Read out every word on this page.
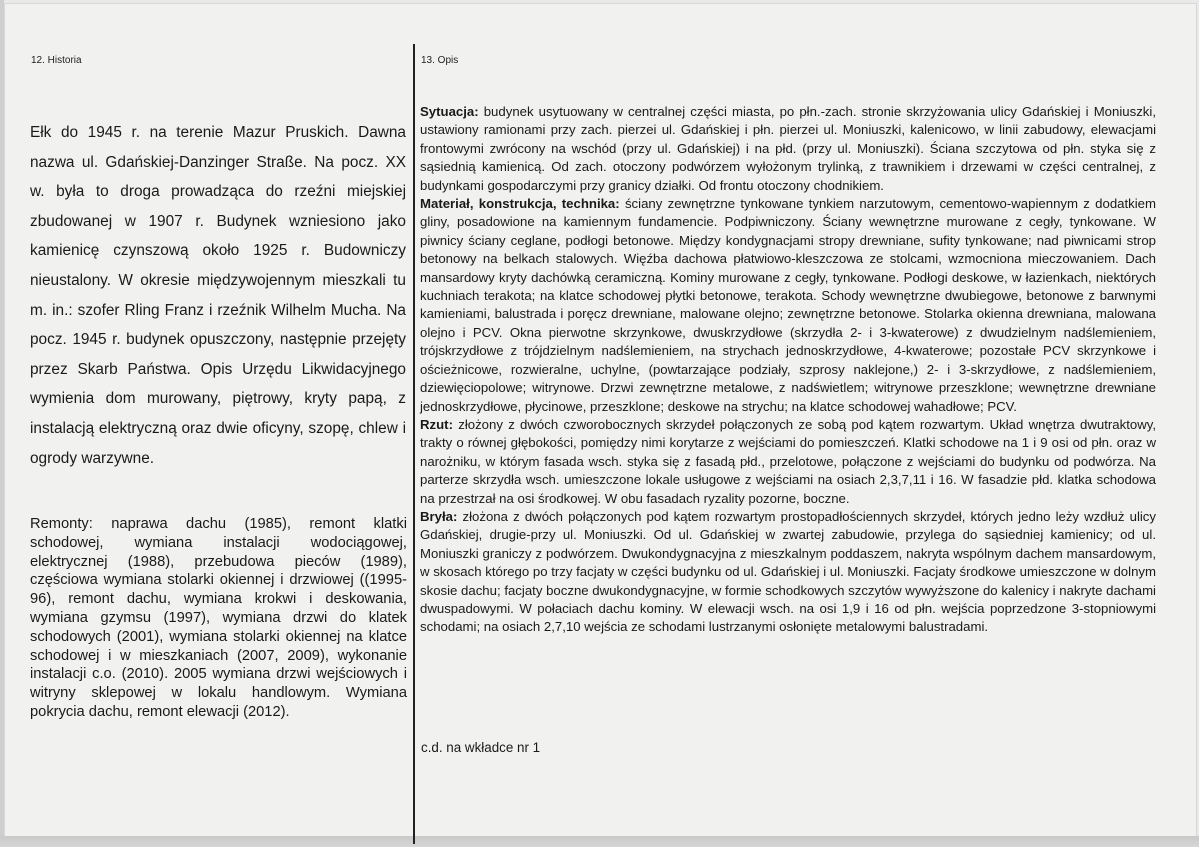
12. Historia	13. Opis
Ełk do 1945 r. na terenie Mazur Pruskich. Dawna nazwa ul. Gdańskiej-Danzinger Straße. Na pocz. XX w. była to droga prowadząca do rzeźni miejskiej zbudowanej w 1907 r. Budynek wzniesiono jako kamienicę czynszową około 1925 r. Budowniczy nieustalony. W okresie międzywojennym mieszkali tu m. in.: szofer Rling Franz i rzeźnik Wilhelm Mucha. Na pocz. 1945 r. budynek opuszczony, następnie przejęty przez Skarb Państwa. Opis Urzędu Likwidacyjnego wymienia dom murowany, piętrowy, kryty papą, z instalacją elektryczną oraz dwie oficyny, szopę, chlew i ogrody warzywne.
Remonty: naprawa dachu (1985), remont klatki schodowej, wymiana instalacji wodociągowej, elektrycznej (1988), przebudowa pieców (1989), częściowa wymiana stolarki okiennej i drzwiowej ((1995-96), remont dachu, wymiana krokwi i deskowania, wymiana gzymsu (1997), wymiana drzwi do klatek schodowych (2001), wymiana stolarki okiennej na klatce schodowej i w mieszkaniach (2007, 2009), wykonanie instalacji c.o. (2010). 2005 wymiana drzwi wejściowych i witryny sklepowej w lokalu handlowym. Wymiana pokrycia dachu, remont elewacji (2012).

Sytuacja: budynek usytuowany w centralnej części miasta, po płn.-zach. stronie skrzyżowania ulicy Gdańskiej i Moniuszki, ustawiony ramionami przy zach. pierzei ul. Gdańskiej i płn. pierzei ul. Moniuszki, kalenicowo, w linii zabudowy, elewacjami frontowymi zwrócony na wschód (przy ul. Gdańskiej) i na płd. (przy ul. Moniuszki). Ściana szczytowa od płn. styka się z sąsiednią kamienicą. Od zach. otoczony podwórzem wyłożonym trylinką, z trawnikiem i drzewami w części centralnej, z budynkami gospodarczymi przy granicy działki. Od frontu otoczony chodnikiem.

Materiał, konstrukcja, technika: ściany zewnętrzne tynkowane tynkiem narzutowym, cementowo-wapiennym z dodatkiem gliny, posadowione na kamiennym fundamencie. Podpiwniczony. Ściany wewnętrzne murowane z cegły, tynkowane. W piwnicy ściany ceglane, podłogi betonowe. Między kondygnacjami stropy drewniane, sufity tynkowane; nad piwnicami strop betonowy na belkach stalowych. Więźba dachowa płatwiowo-kleszczowa ze stolcami, wzmocniona mieczowaniem. Dach mansardowy kryty dachówką ceramiczną. Kominy murowane z cegły, tynkowane. Podłogi deskowe, w łazienkach, niektórych kuchniach terakota; na klatce schodowej płytki betonowe, terakota. Schody wewnętrzne dwubiegowe, betonowe z barwnymi kamieniami, balustrada i poręcz drewniane, malowane olejno; zewnętrzne betonowe. Stolarka okienna drewniana, malowana olejno i PCV. Okna pierwotne skrzynkowe, dwuskrzydłowe (skrzydła 2- i 3-kwaterowe) z dwudzielnym nadślemieniem, trójskrzydłowe z trójdzielnym nadślemieniem, na strychach jednoskrzydłowe, 4-kwaterowe; pozostałe PCV skrzynkowe i ościeżnicowe, rozwieralne, uchylne, (powtarzające podziały, szprosy naklejone,) 2- i 3-skrzydłowe, z nadślemieniem, dziewięciopolowe; witrynowe. Drzwi zewnętrzne metalowe, z nadświetlem; witrynowe przeszklone; wewnętrzne drewniane jednoskrzydłowe, płycinowe, przeszklone; deskowe na strychu; na klatce schodowej wahadłowe; PCV.

Rzut: złożony z dwóch czworobocznych skrzydeł połączonych ze sobą pod kątem rozwartym. Układ wnętrza dwutraktowy, trakty o równej głębokości, pomiędzy nimi korytarze z wejściami do pomieszczeń. Klatki schodowe na 1 i 9 osi od płn. oraz w narożniku, w którym fasada wsch. styka się z fasadą płd., przelotowe, połączone z wejściami do budynku od podwórza. Na parterze skrzydła wsch. umieszczone lokale usługowe z wejściami na osiach 2,3,7,11 i 16. W fasadzie płd. klatka schodowa na przestrzał na osi środkowej. W obu fasadach ryzality pozorne, boczne.

Bryła: złożona z dwóch połączonych pod kątem rozwartym prostopadłościennych skrzydeł, których jedno leży wzdłuż ulicy Gdańskiej, drugie-przy ul. Moniuszki. Od ul. Gdańskiej w zwartej zabudowie, przylega do sąsiedniej kamienicy; od ul. Moniuszki graniczy z podwórzem. Dwukondygnacyjna z mieszkalnym poddaszem, nakryta wspólnym dachem mansardowym, w skosach którego po trzy facjaty w części budynku od ul. Gdańskiej i ul. Moniuszki. Facjaty środkowe umieszczone w dolnym skosie dachu; facjaty boczne dwukondygnacyjne, w formie schodkowych szczytów wywyższone do kalenicy i nakryte dachami dwuspadowymi. W połaciach dachu kominy. W elewacji wsch. na osi 1,9 i 16 od płn. wejścia poprzedzone 3-stopniowymi schodami; na osiach 2,7,10 wejścia ze schodami lustrzanymi osłonięte metalowymi balustradami.

c.d. na wkładce nr 1
